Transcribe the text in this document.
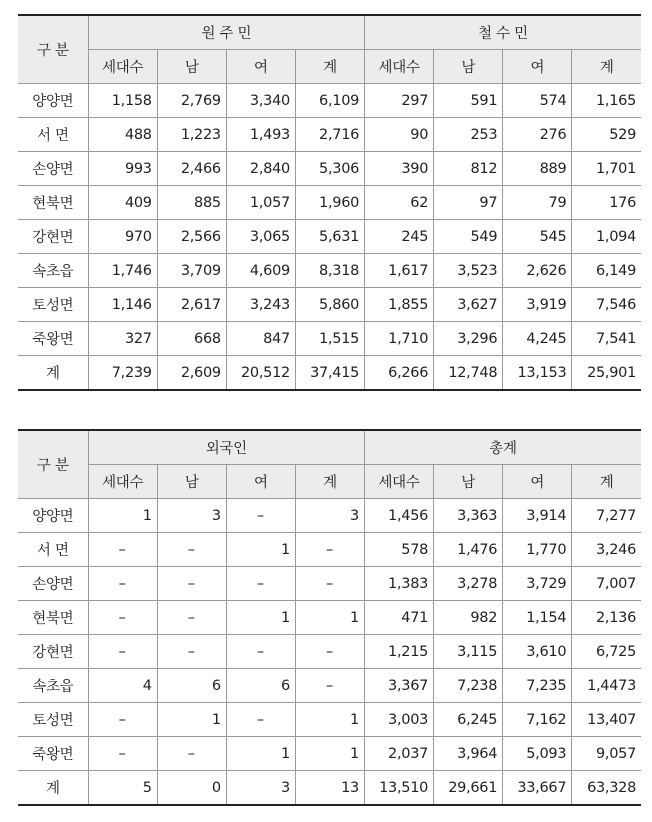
구 분	원 주 민				철 수 민			
	세대수	남	여	계	세대수	남	여	계
양양면	1,158	2,769	3,340	6,109	297	591	574	1,165
서 면	488	1,223	1,493	2,716	90	253	276	529
손양면	993	2,466	2,840	5,306	390	812	889	1,701
현북면	409	885	1,057	1,960	62	97	79	176
강현면	970	2,566	3,065	5,631	245	549	545	1,094
속초읍	1,746	3,709	4,609	8,318	1,617	3,523	2,626	6,149
토성면	1,146	2,617	3,243	5,860	1,855	3,627	3,919	7,546
죽왕면	327	668	847	1,515	1,710	3,296	4,245	7,541
계	7,239	2,609	20,512	37,415	6,266	12,748	13,153	25,901
구 분	외국인				총계			
	세대수	남	여	계	세대수	남	여	계
양양면	1	3	–	3	1,456	3,363	3,914	7,277
서 면	–	–	1	–	578	1,476	1,770	3,246
손양면	–	–	–	–	1,383	3,278	3,729	7,007
현북면	–	–	1	1	471	982	1,154	2,136
강현면	–	–	–	–	1,215	3,115	3,610	6,725
속초읍	4	6	6	–	3,367	7,238	7,235	1,4473
토성면	–	1	–	1	3,003	6,245	7,162	13,407
죽왕면	–	–	1	1	2,037	3,964	5,093	9,057
계	5	0	3	13	13,510	29,661	33,667	63,328
